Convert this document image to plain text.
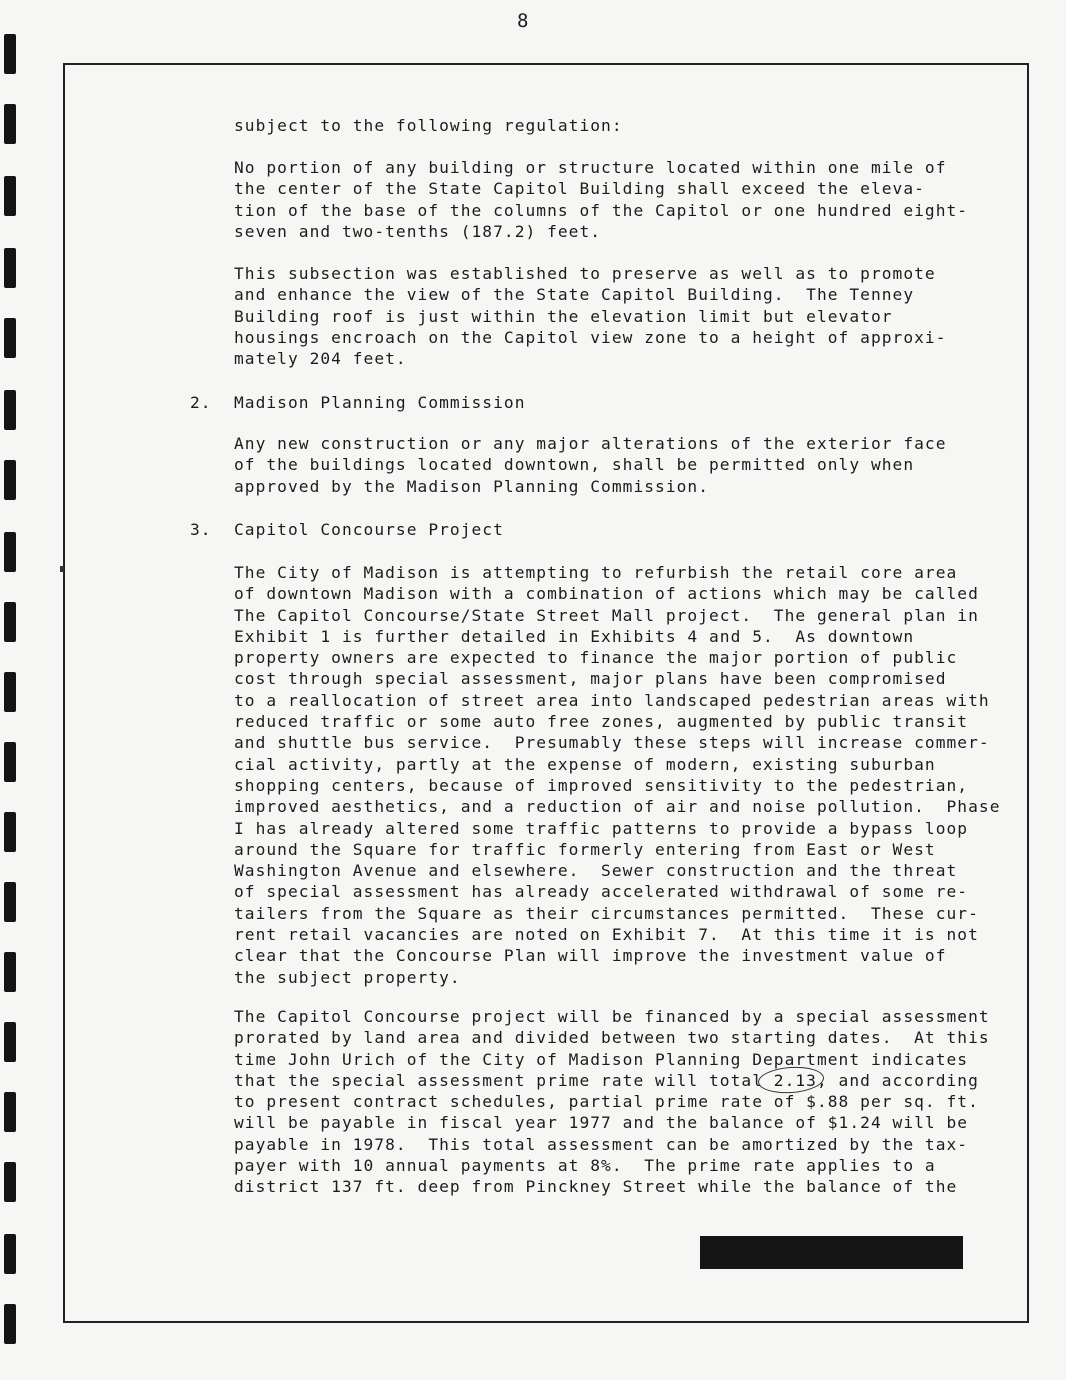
8

subject to the following regulation:

No portion of any building or structure located within one mile of
the center of the State Capitol Building shall exceed the eleva-
tion of the base of the columns of the Capitol or one hundred eight-
seven and two-tenths (187.2) feet.

This subsection was established to preserve as well as to promote
and enhance the view of the State Capitol Building.  The Tenney
Building roof is just within the elevation limit but elevator
housings encroach on the Capitol view zone to a height of approxi-
mately 204 feet.

2. Madison Planning Commission

Any new construction or any major alterations of the exterior face
of the buildings located downtown, shall be permitted only when
approved by the Madison Planning Commission.

3. Capitol Concourse Project

The City of Madison is attempting to refurbish the retail core area
of downtown Madison with a combination of actions which may be called
The Capitol Concourse/State Street Mall project.  The general plan in
Exhibit 1 is further detailed in Exhibits 4 and 5.  As downtown
property owners are expected to finance the major portion of public
cost through special assessment, major plans have been compromised
to a reallocation of street area into landscaped pedestrian areas with
reduced traffic or some auto free zones, augmented by public transit
and shuttle bus service.  Presumably these steps will increase commer-
cial activity, partly at the expense of modern, existing suburban
shopping centers, because of improved sensitivity to the pedestrian,
improved aesthetics, and a reduction of air and noise pollution.  Phase
I has already altered some traffic patterns to provide a bypass loop
around the Square for traffic formerly entering from East or West
Washington Avenue and elsewhere.  Sewer construction and the threat
of special assessment has already accelerated withdrawal of some re-
tailers from the Square as their circumstances permitted.  These cur-
rent retail vacancies are noted on Exhibit 7.  At this time it is not
clear that the Concourse Plan will improve the investment value of
the subject property.

The Capitol Concourse project will be financed by a special assessment
prorated by land area and divided between two starting dates.  At this
time John Urich of the City of Madison Planning Department indicates
that the special assessment prime rate will total 2.13, and according
to present contract schedules, partial prime rate of $.88 per sq. ft.
will be payable in fiscal year 1977 and the balance of $1.24 will be
payable in 1978.  This total assessment can be amortized by the tax-
payer with 10 annual payments at 8%.  The prime rate applies to a
district 137 ft. deep from Pinckney Street while the balance of the
